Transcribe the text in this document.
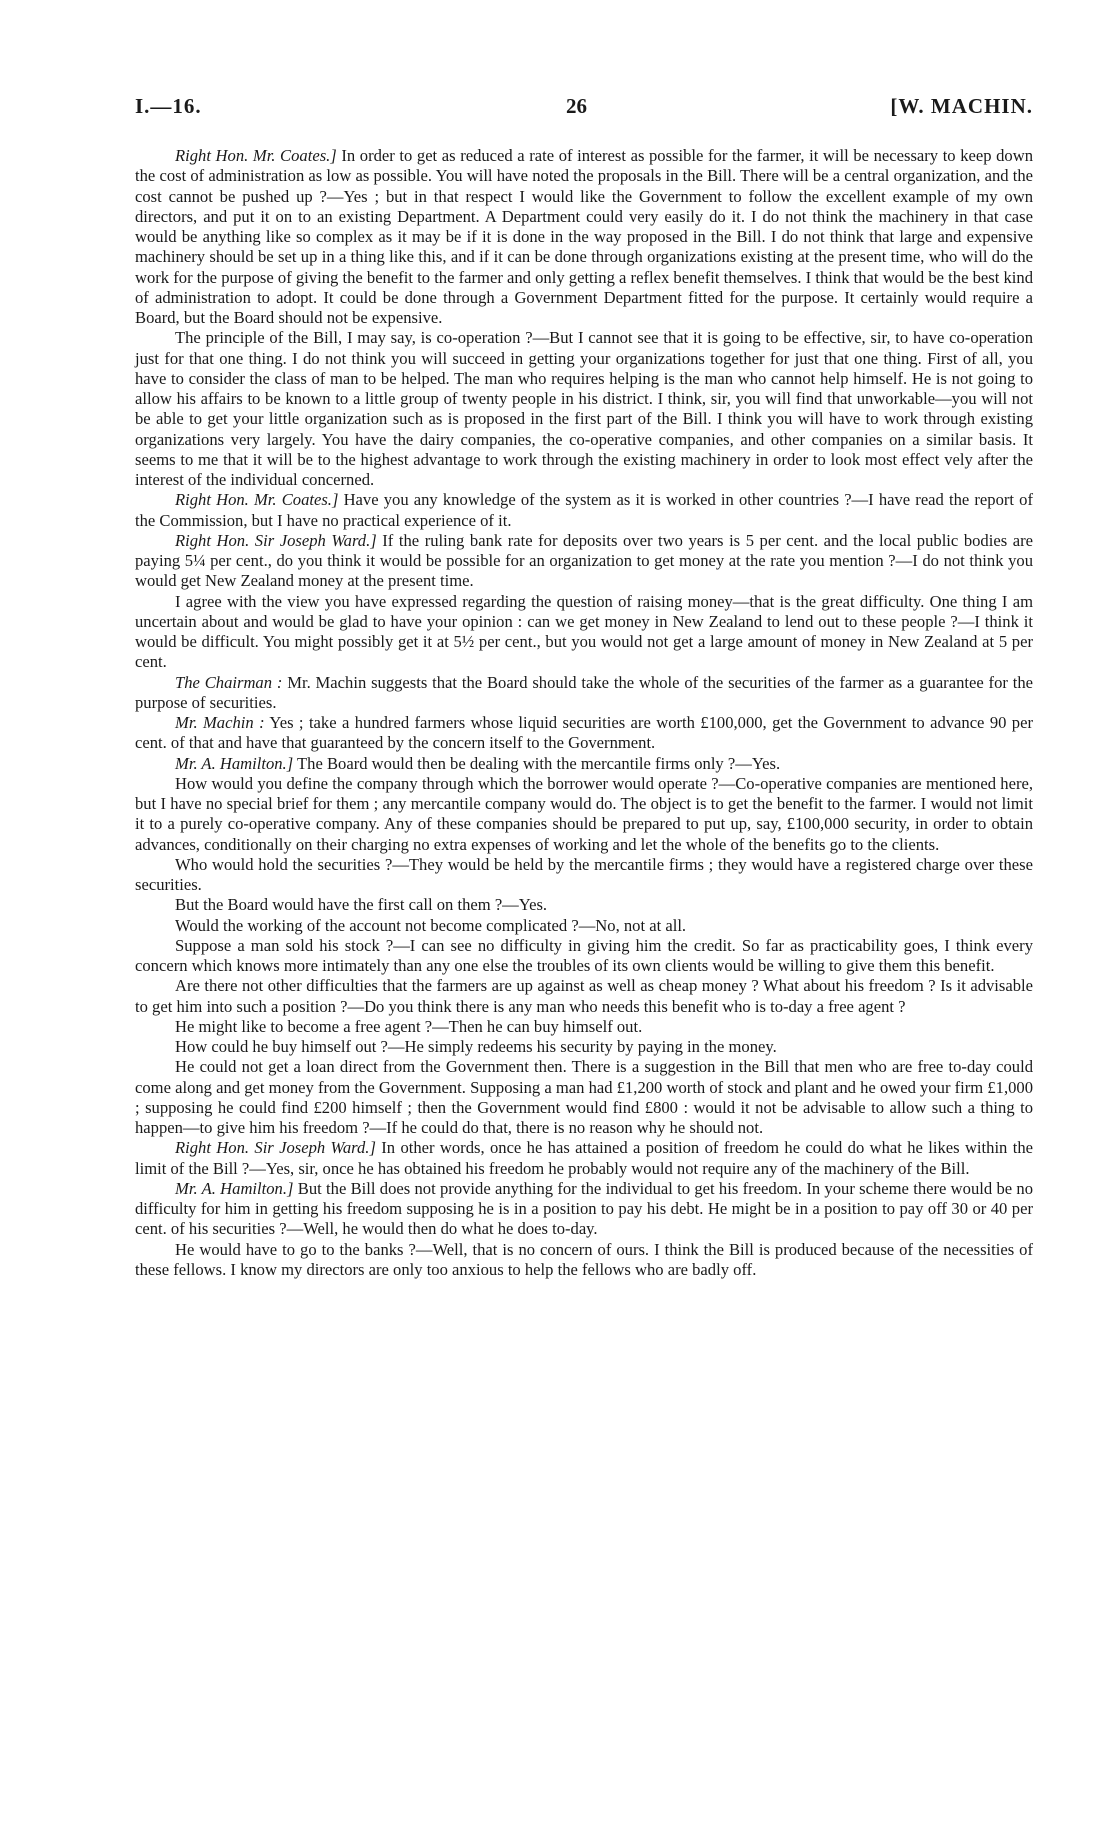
I.—16.	26	[W. MACHIN.

Right Hon. Mr. Coates.] In order to get as reduced a rate of interest as possible for the farmer, it will be necessary to keep down the cost of administration as low as possible. You will have noted the proposals in the Bill. There will be a central organization, and the cost cannot be pushed up ?—Yes ; but in that respect I would like the Government to follow the excellent example of my own directors, and put it on to an existing Department. A Department could very easily do it. I do not think the machinery in that case would be anything like so complex as it may be if it is done in the way proposed in the Bill. I do not think that large and expensive machinery should be set up in a thing like this, and if it can be done through organizations existing at the present time, who will do the work for the purpose of giving the benefit to the farmer and only getting a reflex benefit themselves. I think that would be the best kind of administration to adopt. It could be done through a Government Department fitted for the purpose. It certainly would require a Board, but the Board should not be expensive.

The principle of the Bill, I may say, is co-operation ?—But I cannot see that it is going to be effective, sir, to have co-operation just for that one thing. I do not think you will succeed in getting your organizations together for just that one thing. First of all, you have to consider the class of man to be helped. The man who requires helping is the man who cannot help himself. He is not going to allow his affairs to be known to a little group of twenty people in his district. I think, sir, you will find that unworkable—you will not be able to get your little organization such as is proposed in the first part of the Bill. I think you will have to work through existing organizations very largely. You have the dairy companies, the co-operative companies, and other companies on a similar basis. It seems to me that it will be to the highest advantage to work through the existing machinery in order to look most effect vely after the interest of the individual concerned.

Right Hon. Mr. Coates.] Have you any knowledge of the system as it is worked in other countries ?—I have read the report of the Commission, but I have no practical experience of it.

Right Hon. Sir Joseph Ward.] If the ruling bank rate for deposits over two years is 5 per cent. and the local public bodies are paying 5¼ per cent., do you think it would be possible for an organization to get money at the rate you mention ?—I do not think you would get New Zealand money at the present time.

I agree with the view you have expressed regarding the question of raising money—that is the great difficulty. One thing I am uncertain about and would be glad to have your opinion : can we get money in New Zealand to lend out to these people ?—I think it would be difficult. You might possibly get it at 5½ per cent., but you would not get a large amount of money in New Zealand at 5 per cent.

The Chairman : Mr. Machin suggests that the Board should take the whole of the securities of the farmer as a guarantee for the purpose of securities.

Mr. Machin : Yes ; take a hundred farmers whose liquid securities are worth £100,000, get the Government to advance 90 per cent. of that and have that guaranteed by the concern itself to the Government.

Mr. A. Hamilton.] The Board would then be dealing with the mercantile firms only ?—Yes.

How would you define the company through which the borrower would operate ?—Co-operative companies are mentioned here, but I have no special brief for them ; any mercantile company would do. The object is to get the benefit to the farmer. I would not limit it to a purely co-operative company. Any of these companies should be prepared to put up, say, £100,000 security, in order to obtain advances, conditionally on their charging no extra expenses of working and let the whole of the benefits go to the clients.

Who would hold the securities ?—They would be held by the mercantile firms ; they would have a registered charge over these securities.

But the Board would have the first call on them ?—Yes.

Would the working of the account not become complicated ?—No, not at all.

Suppose a man sold his stock ?—I can see no difficulty in giving him the credit. So far as practicability goes, I think every concern which knows more intimately than any one else the troubles of its own clients would be willing to give them this benefit.

Are there not other difficulties that the farmers are up against as well as cheap money ? What about his freedom ? Is it advisable to get him into such a position ?—Do you think there is any man who needs this benefit who is to-day a free agent ?

He might like to become a free agent ?—Then he can buy himself out.

How could he buy himself out ?—He simply redeems his security by paying in the money.

He could not get a loan direct from the Government then. There is a suggestion in the Bill that men who are free to-day could come along and get money from the Government. Supposing a man had £1,200 worth of stock and plant and he owed your firm £1,000 ; supposing he could find £200 himself ; then the Government would find £800 : would it not be advisable to allow such a thing to happen—to give him his freedom ?—If he could do that, there is no reason why he should not.

Right Hon. Sir Joseph Ward.] In other words, once he has attained a position of freedom he could do what he likes within the limit of the Bill ?—Yes, sir, once he has obtained his freedom he probably would not require any of the machinery of the Bill.

Mr. A. Hamilton.] But the Bill does not provide anything for the individual to get his freedom. In your scheme there would be no difficulty for him in getting his freedom supposing he is in a position to pay his debt. He might be in a position to pay off 30 or 40 per cent. of his securities ?—Well, he would then do what he does to-day.

He would have to go to the banks ?—Well, that is no concern of ours. I think the Bill is produced because of the necessities of these fellows. I know my directors are only too anxious to help the fellows who are badly off.
